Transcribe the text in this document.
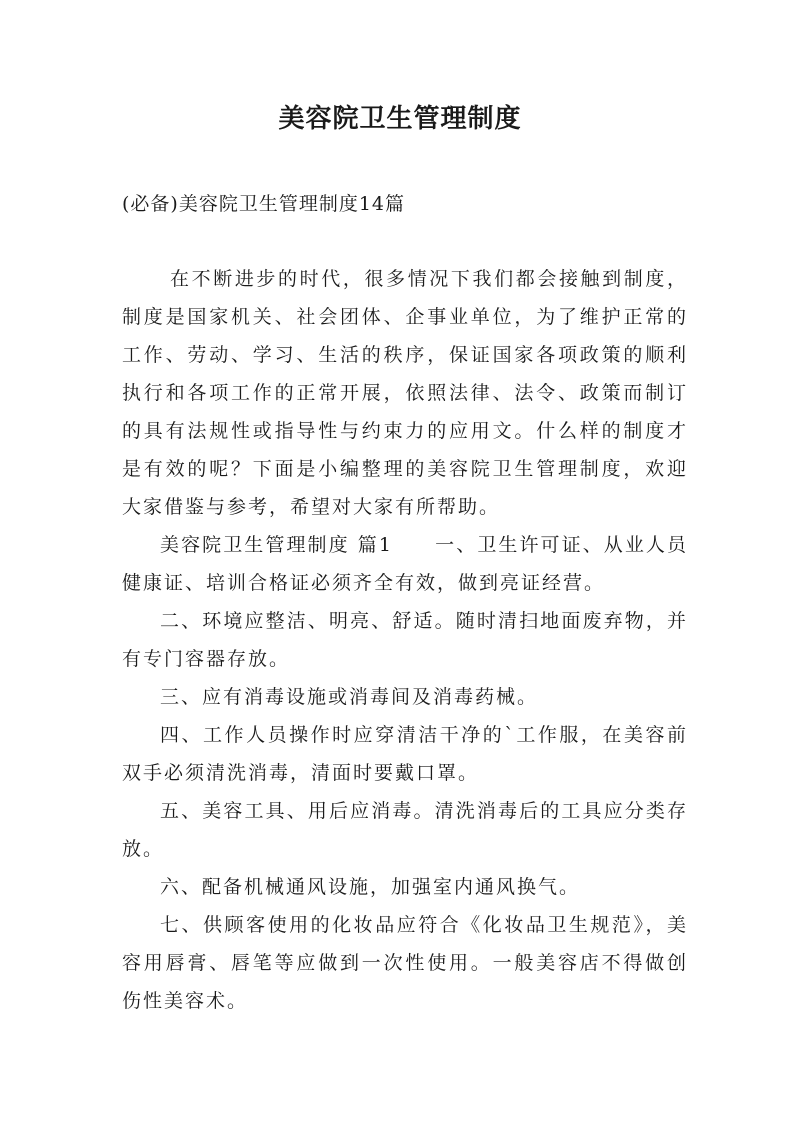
美容院卫生管理制度
(必备)美容院卫生管理制度14篇

在不断进步的时代，很多情况下我们都会接触到制度，制度是国家机关、社会团体、企事业单位，为了维护正常的工作、劳动、学习、生活的秩序，保证国家各项政策的顺利执行和各项工作的正常开展，依照法律、法令、政策而制订的具有法规性或指导性与约束力的应用文。什么样的制度才是有效的呢？下面是小编整理的美容院卫生管理制度，欢迎大家借鉴与参考，希望对大家有所帮助。

美容院卫生管理制度 篇1　　一、卫生许可证、从业人员健康证、培训合格证必须齐全有效，做到亮证经营。

二、环境应整洁、明亮、舒适。随时清扫地面废弃物，并有专门容器存放。

三、应有消毒设施或消毒间及消毒药械。

四、工作人员操作时应穿清洁干净的`工作服，在美容前双手必须清洗消毒，清面时要戴口罩。

五、美容工具、用后应消毒。清洗消毒后的工具应分类存放。

六、配备机械通风设施，加强室内通风换气。

七、供顾客使用的化妆品应符合《化妆品卫生规范》，美容用唇膏、唇笔等应做到一次性使用。一般美容店不得做创伤性美容术。
